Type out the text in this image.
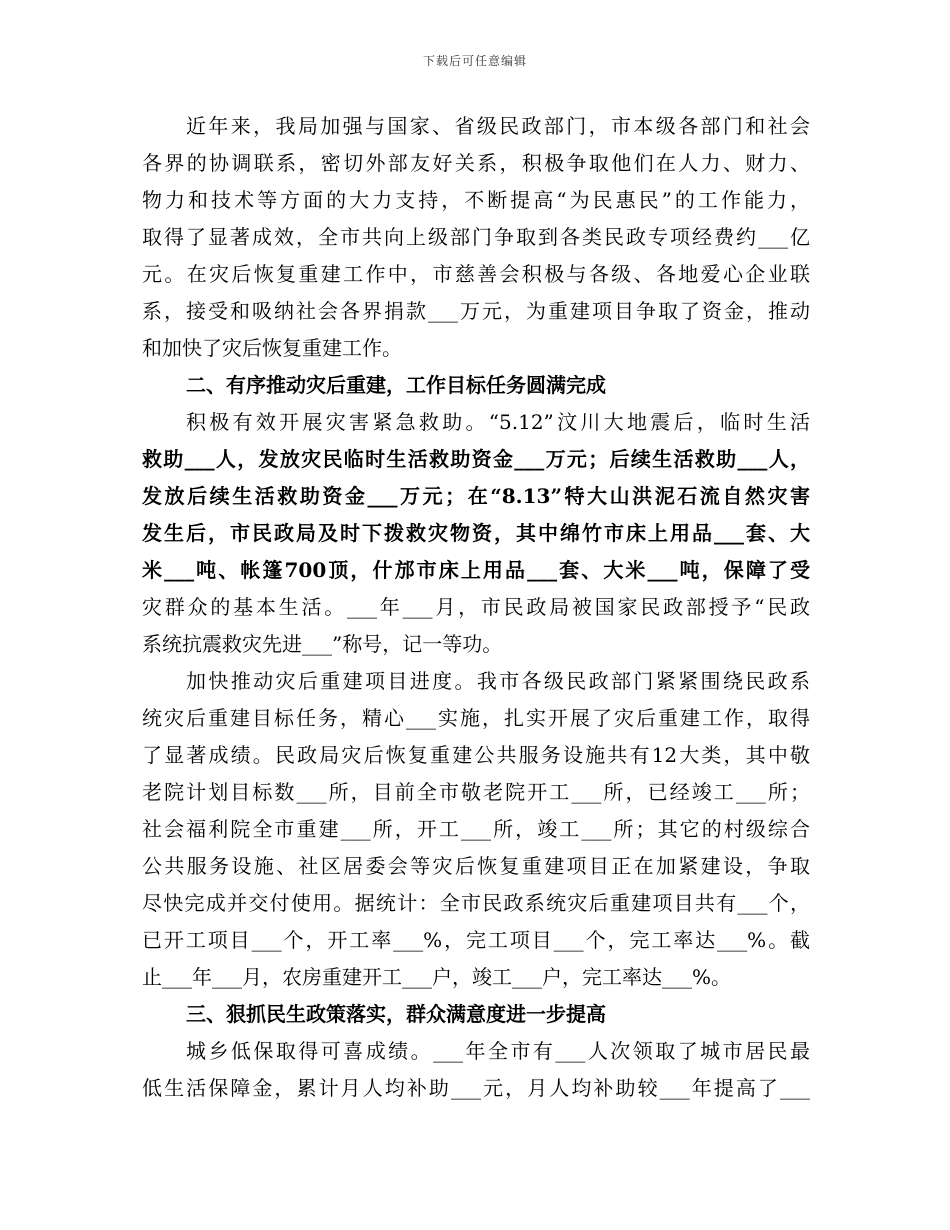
下载后可任意编辑
近年来，我局加强与国家、省级民政部门，市本级各部门和社会
各界的协调联系，密切外部友好关系，积极争取他们在人力、财力、
物力和技术等方面的大力支持，不断提高“为民惠民”的工作能力，
取得了显著成效，全市共向上级部门争取到各类民政专项经费约___亿
元。在灾后恢复重建工作中，市慈善会积极与各级、各地爱心企业联
系，接受和吸纳社会各界捐款___万元，为重建项目争取了资金，推动
和加快了灾后恢复重建工作。
二、有序推动灾后重建，工作目标任务圆满完成
积极有效开展灾害紧急救助。“5.12”汶川大地震后，临时生活
救助___人，发放灾民临时生活救助资金___万元；后续生活救助___人，
发放后续生活救助资金___万元；在“8.13”特大山洪泥石流自然灾害
发生后，市民政局及时下拨救灾物资，其中绵竹市床上用品___套、大
米___吨、帐篷700顶，什邡市床上用品___套、大米___吨，保障了受
灾群众的基本生活。___年___月，市民政局被国家民政部授予“民政
系统抗震救灾先进___”称号，记一等功。
加快推动灾后重建项目进度。我市各级民政部门紧紧围绕民政系
统灾后重建目标任务，精心___实施，扎实开展了灾后重建工作，取得
了显著成绩。民政局灾后恢复重建公共服务设施共有12大类，其中敬
老院计划目标数___所，目前全市敬老院开工___所，已经竣工___所；
社会福利院全市重建___所，开工___所，竣工___所；其它的村级综合
公共服务设施、社区居委会等灾后恢复重建项目正在加紧建设，争取
尽快完成并交付使用。据统计：全市民政系统灾后重建项目共有___个，
已开工项目___个，开工率___%，完工项目___个，完工率达___%。截
止___年___月，农房重建开工___户，竣工___户，完工率达___%。
三、狠抓民生政策落实，群众满意度进一步提高
城乡低保取得可喜成绩。___年全市有___人次领取了城市居民最
低生活保障金，累计月人均补助___元，月人均补助较___年提高了___
